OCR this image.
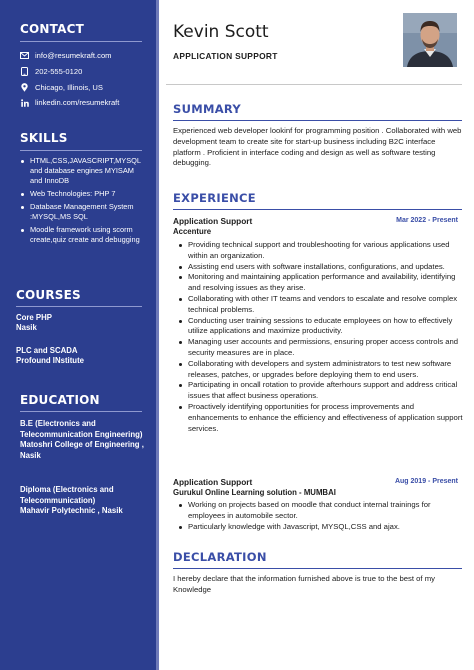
CONTACT
info@resumekraft.com
202-555-0120
Chicago, Illinois, US
linkedin.com/resumekraft
SKILLS
HTML,CSS,JAVASCRIPT,MYSQL and database engines MYISAM and InnoDB
Web Technologies: PHP 7
Database Management System :MYSQL,MS SQL
Moodle framework using scorm create,quiz create and debugging
COURSES
Core PHP
Nasik
PLC and SCADA
Profound INstitute
EDUCATION
B.E (Electronics and Telecommunication Engineering)
Matoshri College of Engineering , Nasik
Diploma (Electronics and Telecommunication)
Mahavir Polytechnic , Nasik
Kevin Scott
APPLICATION SUPPORT
SUMMARY
Experienced web developer lookinf for programming position . Collaborated with web development team to create site for start-up business including B2C interface platform . Proficient in interface coding and design as well as software testing debugging.
EXPERIENCE
Application Support	Mar 2022 - Present
Accenture
Providing technical support and troubleshooting for various applications used within an organization.
Assisting end users with software installations, configurations, and updates.
Monitoring and maintaining application performance and availability, identifying and resolving issues as they arise.
Collaborating with other IT teams and vendors to escalate and resolve complex technical problems.
Conducting user training sessions to educate employees on how to effectively utilize applications and maximize productivity.
Managing user accounts and permissions, ensuring proper access controls and security measures are in place.
Collaborating with developers and system administrators to test new software releases, patches, or upgrades before deploying them to end users.
Participating in oncall rotation to provide afterhours support and address critical issues that affect business operations.
Proactively identifying opportunities for process improvements and enhancements to enhance the efficiency and effectiveness of application support services.
Application Support	Aug 2019 - Present
Gurukul Online Learning solution - MUMBAI
Working on projects based on moodle that conduct internal trainings for employees in automobile sector.
Particularly knowledge with Javascript, MYSQL,CSS and ajax.
DECLARATION
I hereby declare that the information furnished above is true to the best of my Knowledge
